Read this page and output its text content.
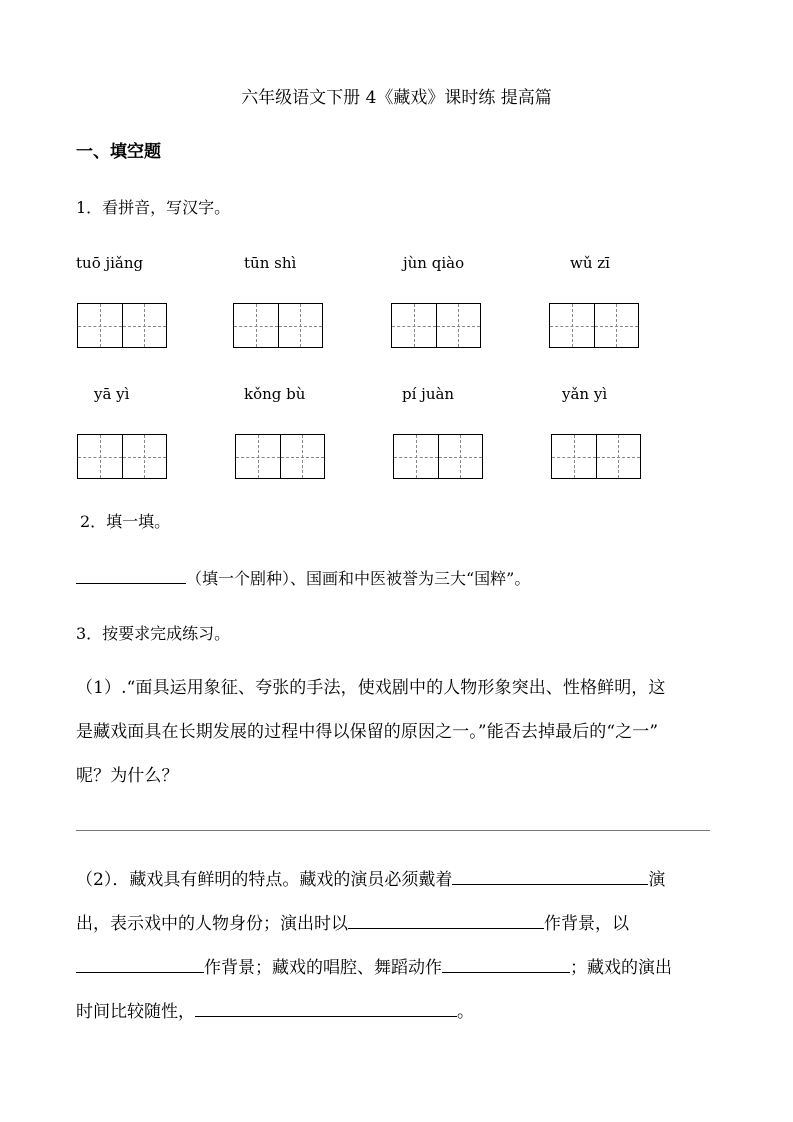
六年级语文下册 4《藏戏》课时练 提高篇
一、填空题
1．看拼音，写汉字。
tuō jiǎng	tūn shì	jùn qiào	wǔ zī
yā yì	kǒng bù	pí juàn	yǎn yì
2．填一填。
（填一个剧种）、国画和中医被誉为三大“国粹”。
3．按要求完成练习。
（1）.“面具运用象征、夸张的手法，使戏剧中的人物形象突出、性格鲜明，这
是藏戏面具在长期发展的过程中得以保留的原因之一。”能否去掉最后的“之一”
呢？为什么？
（2）．藏戏具有鲜明的特点。藏戏的演员必须戴着	演
出，表示戏中的人物身份；演出时以	作背景，以
作背景；藏戏的唱腔、舞蹈动作	；藏戏的演出
时间比较随性，	。
